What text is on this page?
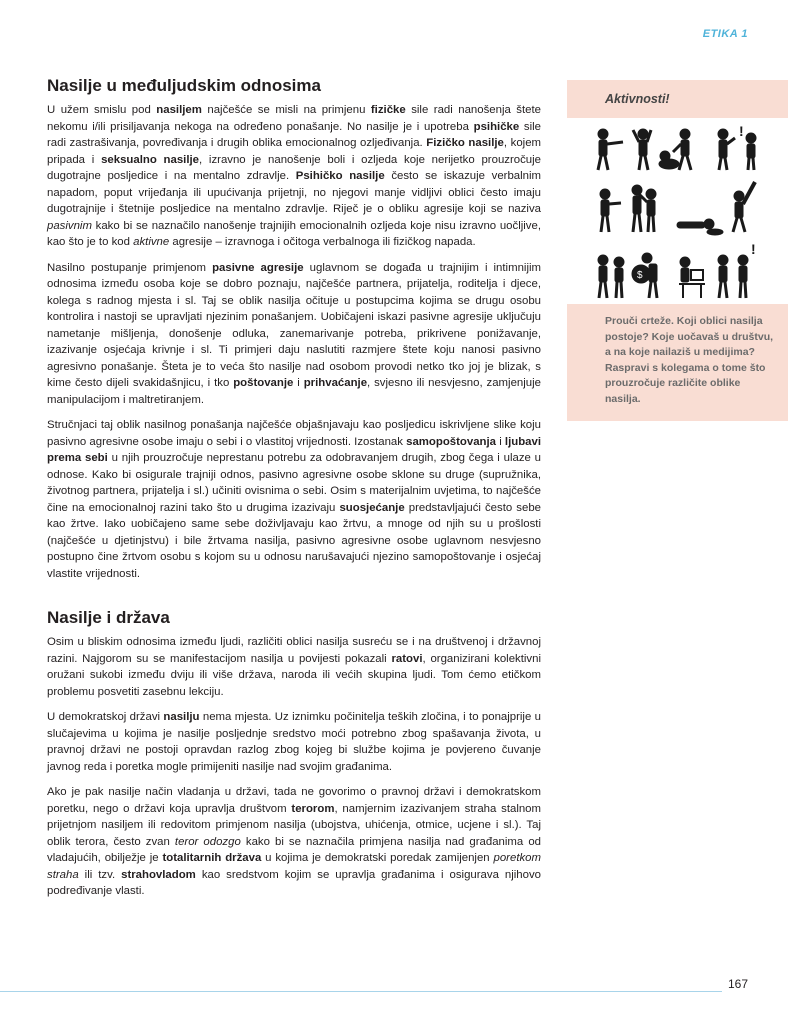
ETIKA 1
Nasilje u međuljudskim odnosima

U užem smislu pod nasiljem najčešće se misli na primjenu fizičke sile radi nanošenja štete nekomu i/ili prisiljavanja nekoga na određeno ponašanje. No nasilje je i upotreba psihičke sile radi zastrašivanja, povređivanja i drugih oblika emocionalnog ozljeđivanja. Fizičko nasilje, kojem pripada i seksualno nasilje, izravno je nanošenje boli i ozljeda koje nerijetko prouzročuje dugotrajne posljedice i na mentalno zdravlje. Psihičko nasilje često se iskazuje verbalnim napadom, poput vrijeđanja ili upućivanja prijetnji, no njegovi manje vidljivi oblici često imaju dugotrajnije i štetnije posljedice na mentalno zdravlje. Riječ je o obliku agresije koji se naziva pasivnim kako bi se naznačilo nanošenje trajnijih emocionalnih ozljeda koje nisu izravno uočljive, kao što je to kod aktivne agresije – izravnoga i očitoga verbalnoga ili fizičkog napada.

Nasilno postupanje primjenom pasivne agresije uglavnom se događa u trajnijim i intimnijim odnosima između osoba koje se dobro poznaju, najčešće partnera, prijatelja, roditelja i djece, kolega s radnog mjesta i sl. Taj se oblik nasilja očituje u postupcima kojima se drugu osobu kontrolira i nastoji se upravljati njezinim ponašanjem. Uobičajeni iskazi pasivne agresije uključuju nametanje mišljenja, donošenje odluka, zanemarivanje potreba, prikrivene ponižavanje, izazivanje osjećaja krivnje i sl. Ti primjeri daju naslutiti razmjere štete koju nanosi pasivno agresivno ponašanje. Šteta je to veća što nasilje nad osobom provodi netko tko joj je blizak, s kime često dijeli svakidašnjicu, i tko poštovanje i prihvaćanje, svjesno ili nesvjesno, zamjenjuje manipulacijom i maltretiranjem.

Stručnjaci taj oblik nasilnog ponašanja najčešće objašnjavaju kao posljedicu iskrivljene slike koju pasivno agresivne osobe imaju o sebi i o vlastitoj vrijednosti. Izostanak samopoštovanja i ljubavi prema sebi u njih prouzročuje neprestanu potrebu za odobravanjem drugih, zbog čega i ulaze u odnose. Kako bi osigurale trajniji odnos, pasivno agresivne osobe sklone su druge (supružnika, životnog partnera, prijatelja i sl.) učiniti ovisnima o sebi. Osim s materijalnim uvjetima, to najčešće čine na emocionalnoj razini tako što u drugima izazivaju suosjećanje predstavljajući često sebe kao žrtve. Iako uobičajeno same sebe doživljavaju kao žrtvu, a mnoge od njih su u prošlosti (najčešće u djetinjstvu) i bile žrtvama nasilja, pasivno agresivne osobe uglavnom nesvjesno postupno čine žrtvom osobu s kojom su u odnosu narušavajući njezino samopoštovanje i osjećaj vlastite vrijednosti.

Nasilje i država

Osim u bliskim odnosima između ljudi, različiti oblici nasilja susreću se i na društvenoj i državnoj razini. Najgorom su se manifestacijom nasilja u povijesti pokazali ratovi, organizirani kolektivni oružani sukobi između dviju ili više država, naroda ili većih skupina ljudi. Tom ćemo etičkom problemu posvetiti zasebnu lekciju.

U demokratskoj državi nasilju nema mjesta. Uz iznimku počinitelja teških zločina, i to ponajprije u slučajevima u kojima je nasilje posljednje sredstvo moći potrebno zbog spašavanja života, u pravnoj državi ne postoji opravdan razlog zbog kojeg bi službe kojima je povjereno čuvanje javnog reda i poretka mogle primijeniti nasilje nad svojim građanima.

Ako je pak nasilje način vladanja u državi, tada ne govorimo o pravnoj državi i demokratskom poretku, nego o državi koja upravlja društvom terorom, namjernim izazivanjem straha stalnom prijetnjom nasiljem ili redovitom primjenom nasilja (ubojstva, uhićenja, otmice, ucjene i sl.). Taj oblik terora, često zvan teror odozgo kako bi se naznačila primjena nasilja nad građanima od vladajućih, obilježje je totalitarnih država u kojima je demokratski poredak zamijenjen poretkom straha ili tzv. strahovladom kao sredstvom kojim se upravlja građanima i osigurava njihovo podređivanje vlasti.

Aktivnosti!
!
$
!
Prouči crteže. Koji oblici nasilja postoje? Koje uočavaš u društvu, a na koje nailaziš u medijima? Raspravi s kolegama o tome što prouzročuje različite oblike nasilja.
167
